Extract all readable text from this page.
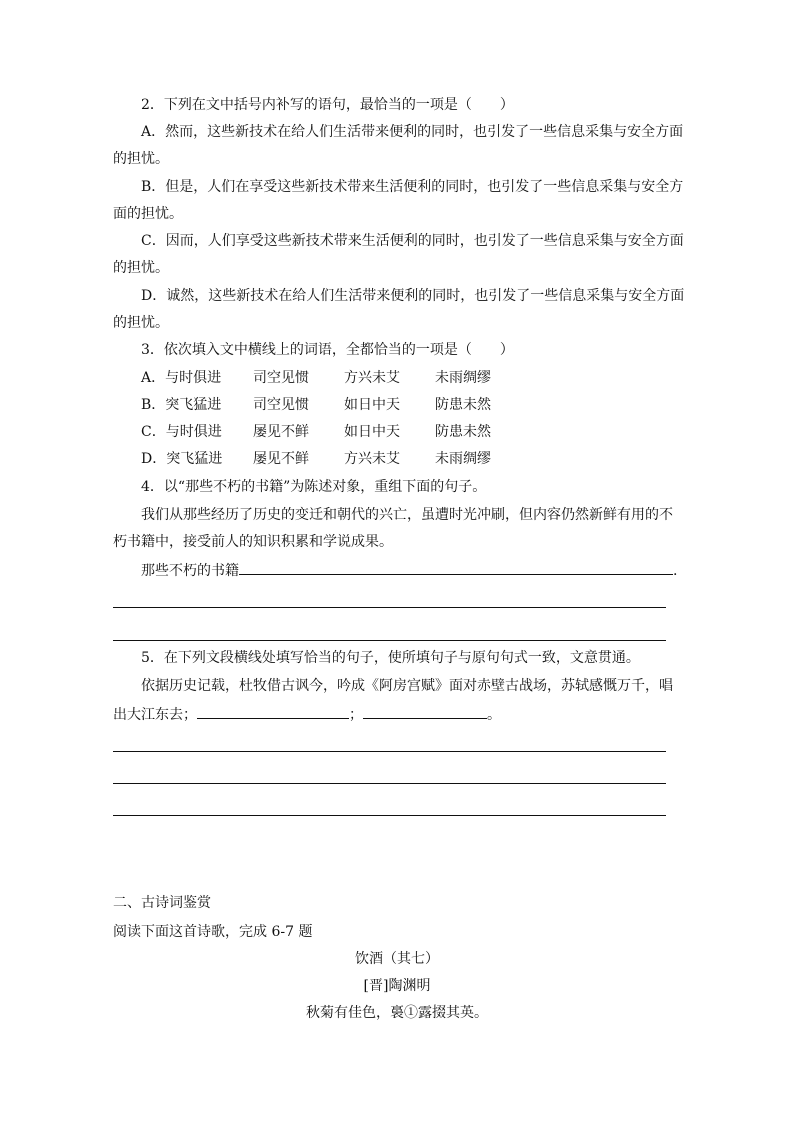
2．下列在文中括号内补写的语句，最恰当的一项是（　　）
A．然而，这些新技术在给人们生活带来便利的同时，也引发了一些信息采集与安全方面
的担忧。
B．但是，人们在享受这些新技术带来生活便利的同时，也引发了一些信息采集与安全方
面的担忧。
C．因而，人们享受这些新技术带来生活便利的同时，也引发了一些信息采集与安全方面
的担忧。
D．诚然，这些新技术在给人们生活带来便利的同时，也引发了一些信息采集与安全方面
的担忧。
3．依次填入文中横线上的词语，全都恰当的一项是（　　）
A．与时俱进 司空见惯	方兴未艾	未雨绸缪
B．突飞猛进 司空见惯	如日中天	防患未然
C．与时俱进 屡见不鲜	如日中天	防患未然
D．突飞猛进 屡见不鲜	方兴未艾	未雨绸缪
4．以“那些不朽的书籍”为陈述对象，重组下面的句子。
我们从那些经历了历史的变迁和朝代的兴亡，虽遭时光冲刷，但内容仍然新鲜有用的不
朽书籍中，接受前人的知识积累和学说成果。
那些不朽的书籍	.
5．在下列文段横线处填写恰当的句子，使所填句子与原句句式一致，文意贯通。
依据历史记载，杜牧借古讽今，吟成《阿房宫赋》面对赤壁古战场，苏轼感慨万千，唱
出大江东去；	；	。
二、古诗词鉴赏
阅读下面这首诗歌，完成 6-7 题
饮酒（其七）
[晋]陶渊明
秋菊有佳色，裛①露掇其英。
